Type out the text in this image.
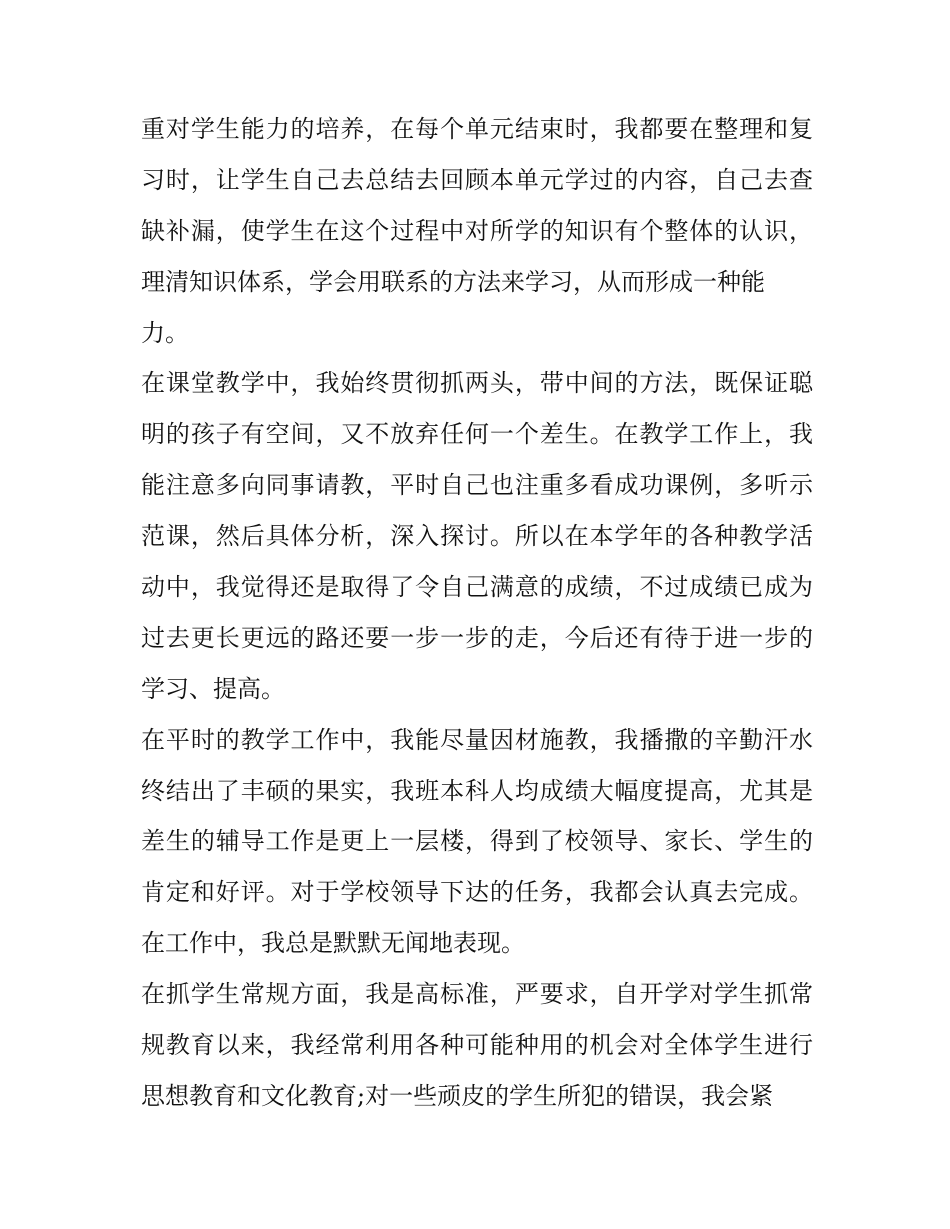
重对学生能力的培养，在每个单元结束时，我都要在整理和复
习时，让学生自己去总结去回顾本单元学过的内容，自己去查
缺补漏，使学生在这个过程中对所学的知识有个整体的认识，
理清知识体系，学会用联系的方法来学习，从而形成一种能
力。
在课堂教学中，我始终贯彻抓两头，带中间的方法，既保证聪
明的孩子有空间，又不放弃任何一个差生。在教学工作上，我
能注意多向同事请教，平时自己也注重多看成功课例，多听示
范课，然后具体分析，深入探讨。所以在本学年的各种教学活
动中，我觉得还是取得了令自己满意的成绩，不过成绩已成为
过去更长更远的路还要一步一步的走，今后还有待于进一步的
学习、提高。
在平时的教学工作中，我能尽量因材施教，我播撒的辛勤汗水
终结出了丰硕的果实，我班本科人均成绩大幅度提高，尤其是
差生的辅导工作是更上一层楼，得到了校领导、家长、学生的
肯定和好评。对于学校领导下达的任务，我都会认真去完成。
在工作中，我总是默默无闻地表现。
在抓学生常规方面，我是高标准，严要求，自开学对学生抓常
规教育以来，我经常利用各种可能种用的机会对全体学生进行
思想教育和文化教育;对一些顽皮的学生所犯的错误，我会紧
